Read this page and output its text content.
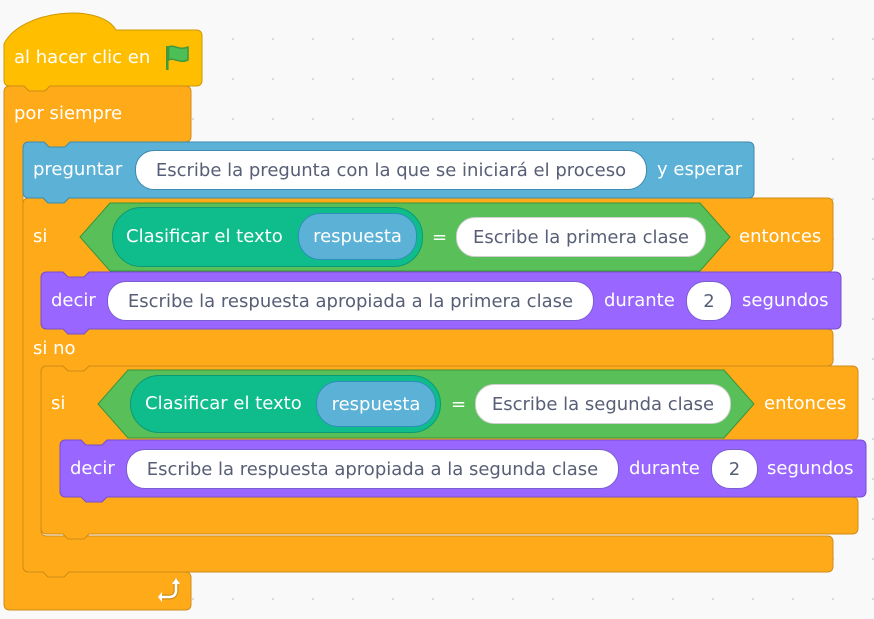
al hacer clic en
por siempre
preguntar	Escribe la pregunta con la que se iniciará el proceso	y esperar
si	Clasificar el texto	respuesta	=	Escribe la primera clase	entonces
decir	Escribe la respuesta apropiada a la primera clase	durante	2	segundos
si no
si	Clasificar el texto	respuesta	=	Escribe la segunda clase	entonces
decir	Escribe la respuesta apropiada a la segunda clase	durante	2	segundos
